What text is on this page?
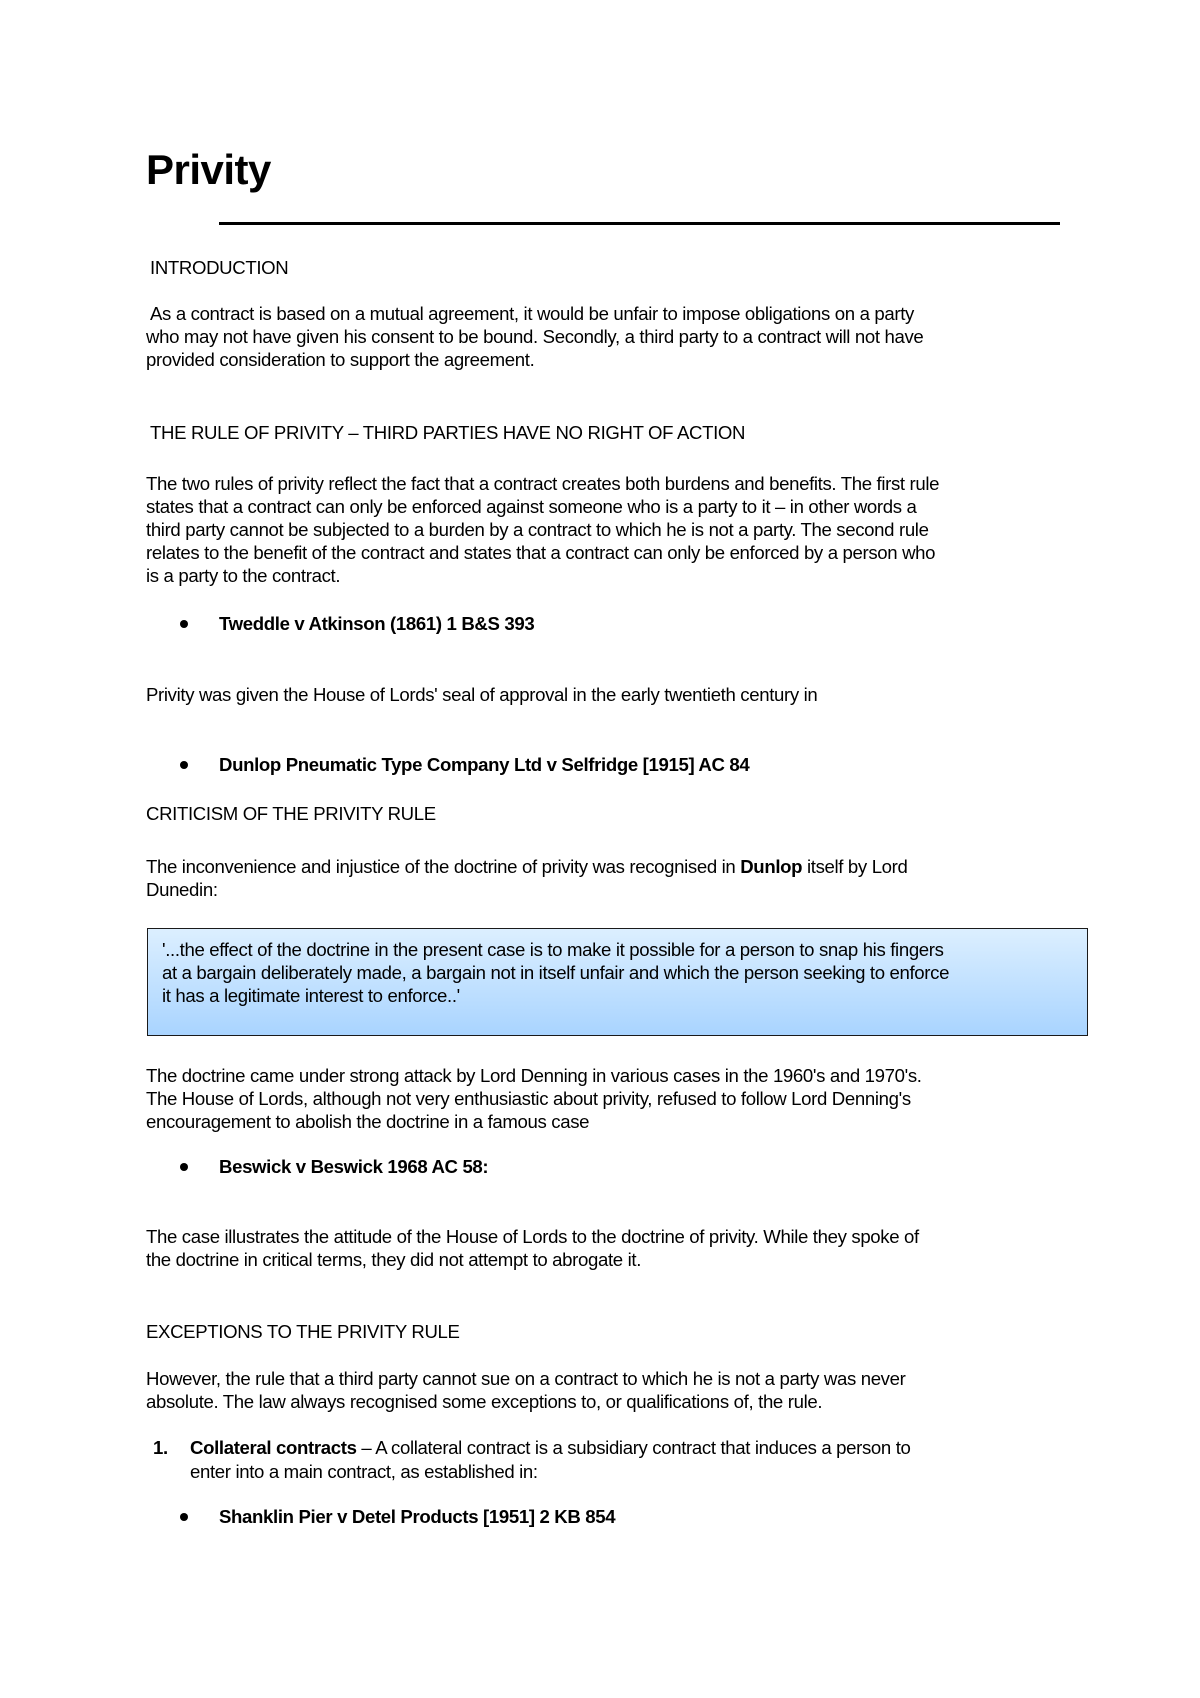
Privity

INTRODUCTION

As a contract is based on a mutual agreement, it would be unfair to impose obligations on a party

who may not have given his consent to be bound. Secondly, a third party to a contract will not have

provided consideration to support the agreement.

THE RULE OF PRIVITY – THIRD PARTIES HAVE NO RIGHT OF ACTION

The two rules of privity reflect the fact that a contract creates both burdens and benefits. The first rule

states that a contract can only be enforced against someone who is a party to it – in other words a

third party cannot be subjected to a burden by a contract to which he is not a party. The second rule

relates to the benefit of the contract and states that a contract can only be enforced by a person who

is a party to the contract.

Tweddle v Atkinson (1861) 1 B&S 393

Privity was given the House of Lords' seal of approval in the early twentieth century in

Dunlop Pneumatic Type Company Ltd v Selfridge [1915] AC 84

CRITICISM OF THE PRIVITY RULE

The inconvenience and injustice of the doctrine of privity was recognised in Dunlop itself by Lord

Dunedin:

'...the effect of the doctrine in the present case is to make it possible for a person to snap his fingers

at a bargain deliberately made, a bargain not in itself unfair and which the person seeking to enforce

it has a legitimate interest to enforce..'

The doctrine came under strong attack by Lord Denning in various cases in the 1960's and 1970's.

The House of Lords, although not very enthusiastic about privity, refused to follow Lord Denning's

encouragement to abolish the doctrine in a famous case

Beswick v Beswick 1968 AC 58:

The case illustrates the attitude of the House of Lords to the doctrine of privity. While they spoke of

the doctrine in critical terms, they did not attempt to abrogate it.

EXCEPTIONS TO THE PRIVITY RULE

However, the rule that a third party cannot sue on a contract to which he is not a party was never

absolute. The law always recognised some exceptions to, or qualifications of, the rule.

1. Collateral contracts – A collateral contract is a subsidiary contract that induces a person to
enter into a main contract, as established in:
Shanklin Pier v Detel Products [1951] 2 KB 854
